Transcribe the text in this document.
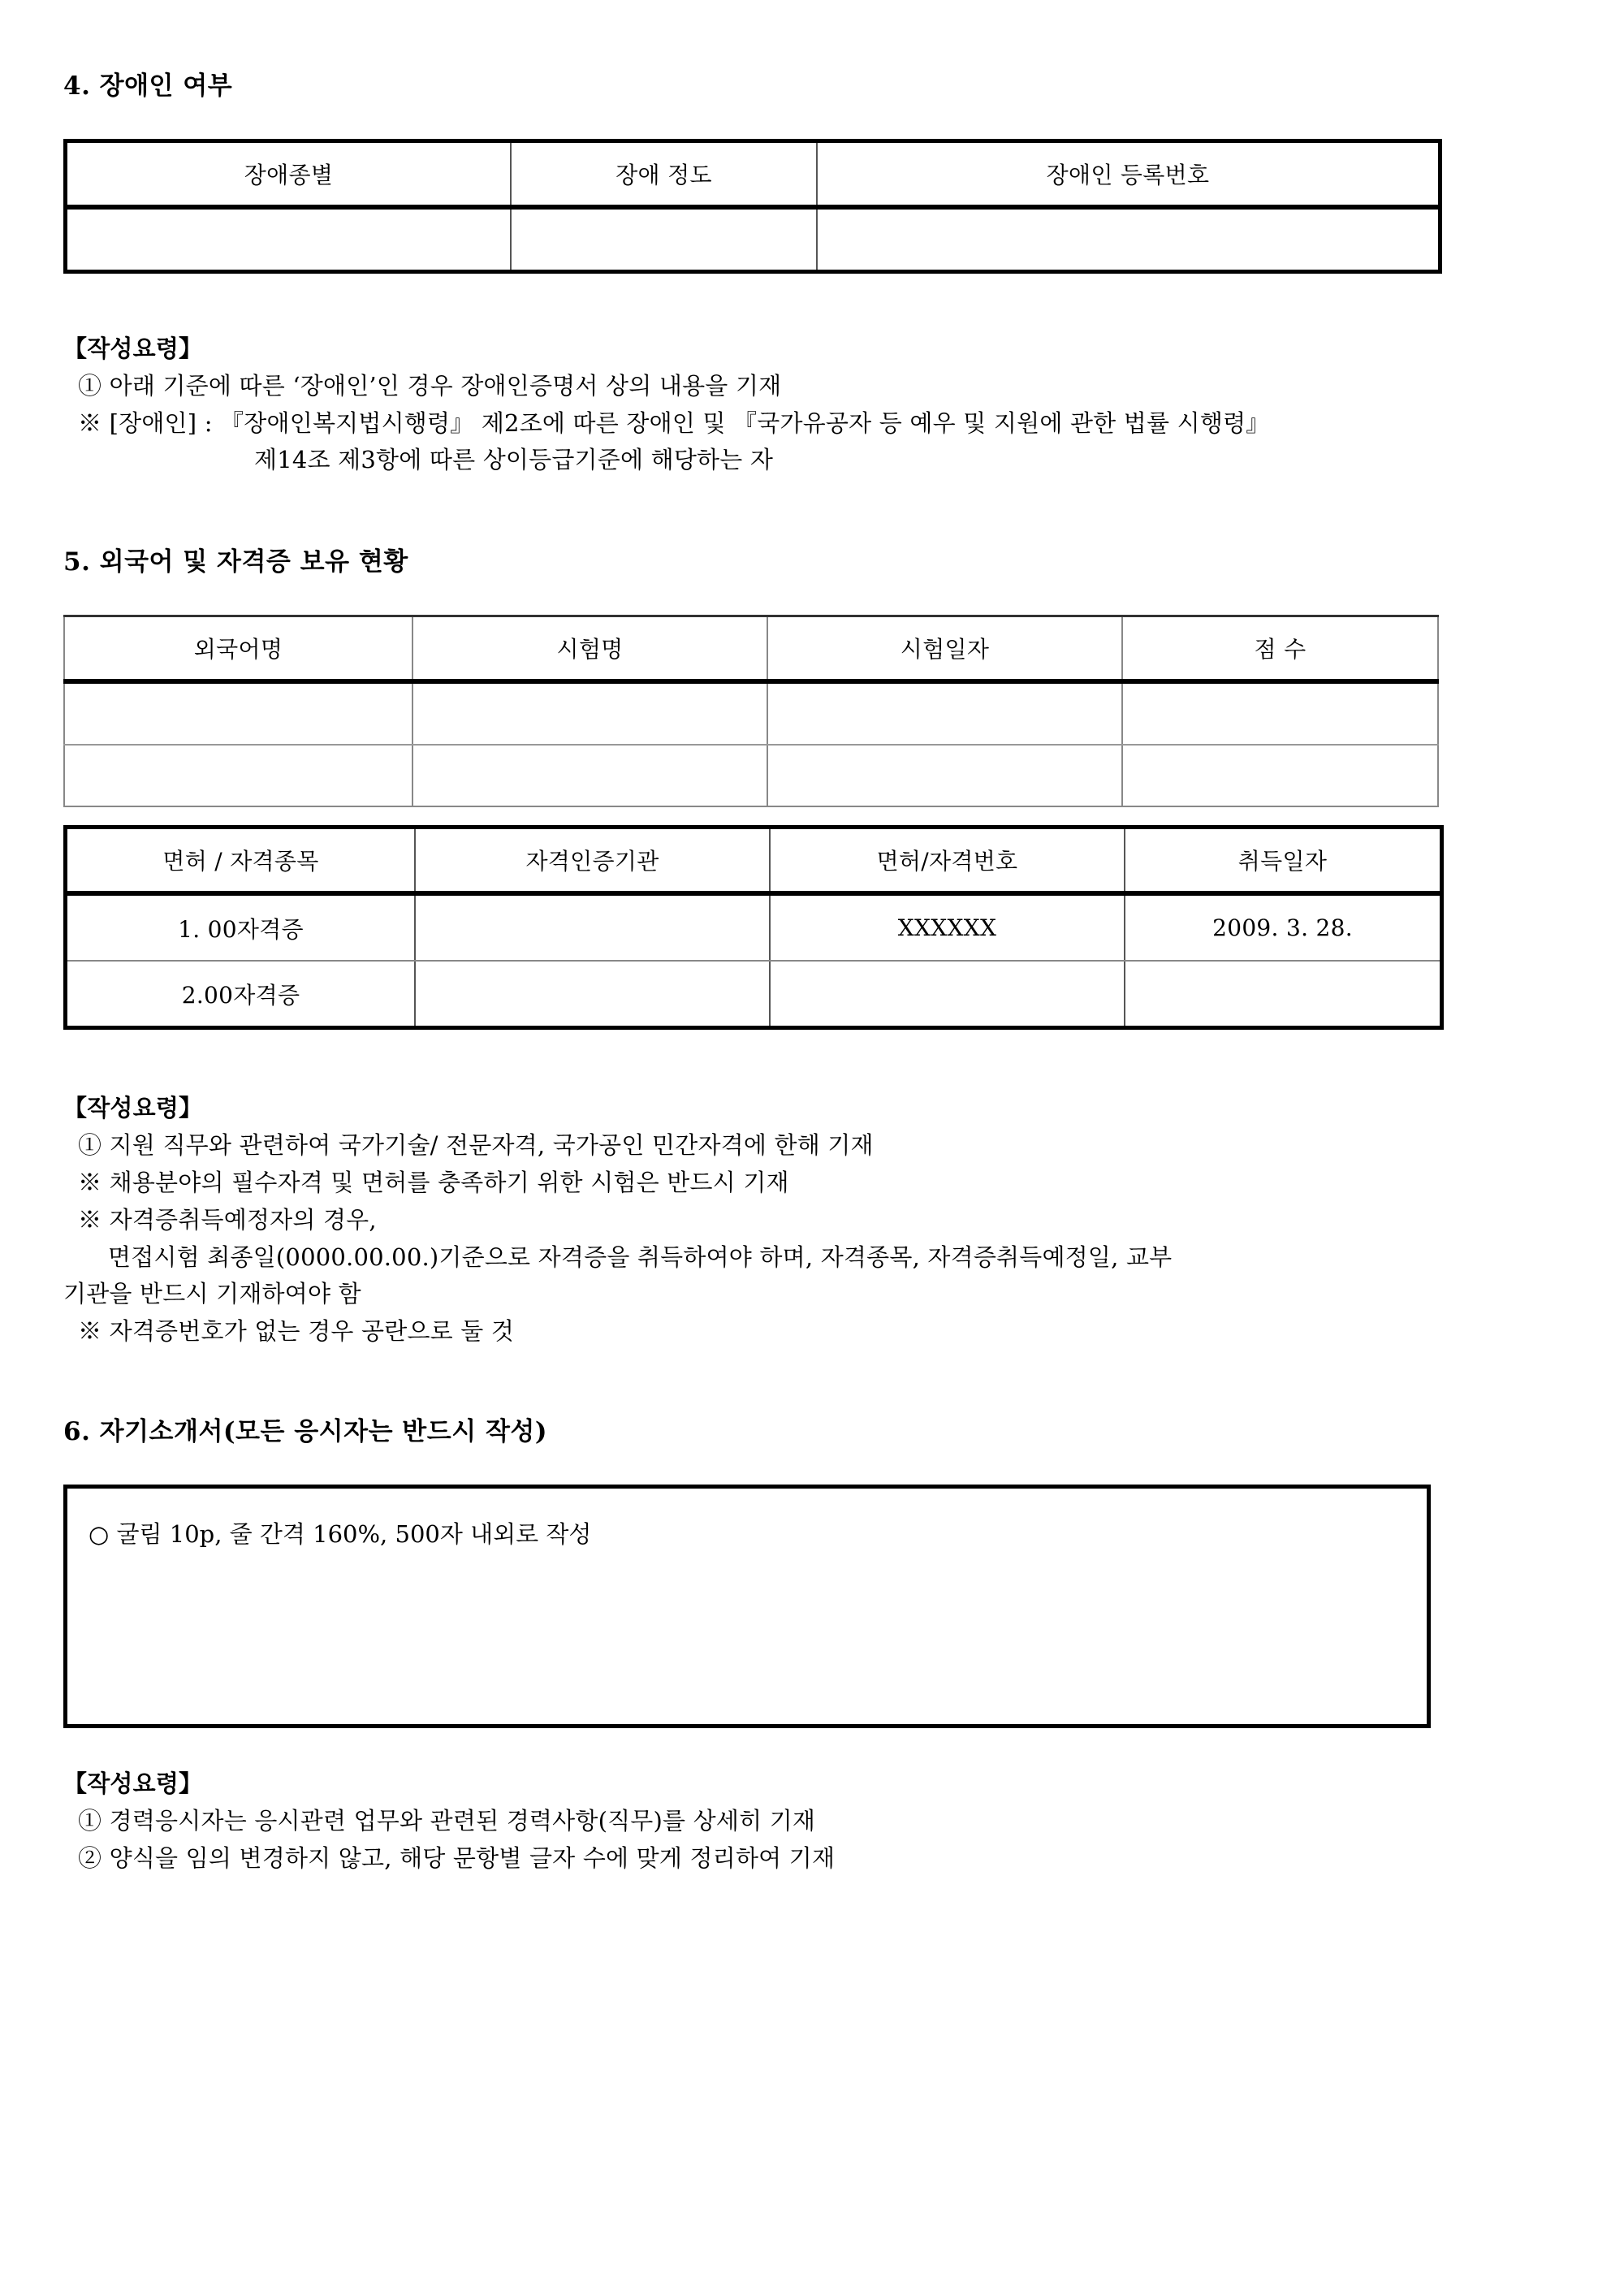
4. 장애인 여부
장애종별	장애 정도	장애인 등록번호

【작성요령】
① 아래 기준에 따른 ‘장애인’인 경우 장애인증명서 상의 내용을 기재
※ [장애인] : 『장애인복지법시행령』 제2조에 따른 장애인 및 『국가유공자 등 예우 및 지원에 관한 법률 시행령』
제14조 제3항에 따른 상이등급기준에 해당하는 자
5. 외국어 및 자격증 보유 현황
외국어명	시험명	시험일자	점 수

면허 / 자격종목	자격인증기관	면허/자격번호	취득일자
1. 00자격증		XXXXXX	2009. 3. 28.
2.00자격증			
【작성요령】
① 지원 직무와 관련하여 국가기술/ 전문자격, 국가공인 민간자격에 한해 기재
※ 채용분야의 필수자격 및 면허를 충족하기 위한 시험은 반드시 기재
※ 자격증취득예정자의 경우,
면접시험 최종일(0000.00.00.)기준으로 자격증을 취득하여야 하며, 자격종목, 자격증취득예정일, 교부
기관을 반드시 기재하여야 함
※ 자격증번호가 없는 경우 공란으로 둘 것
6. 자기소개서(모든 응시자는 반드시 작성)
○ 굴림 10p, 줄 간격 160%, 500자 내외로 작성
【작성요령】
① 경력응시자는 응시관련 업무와 관련된 경력사항(직무)를 상세히 기재
② 양식을 임의 변경하지 않고, 해당 문항별 글자 수에 맞게 정리하여 기재
